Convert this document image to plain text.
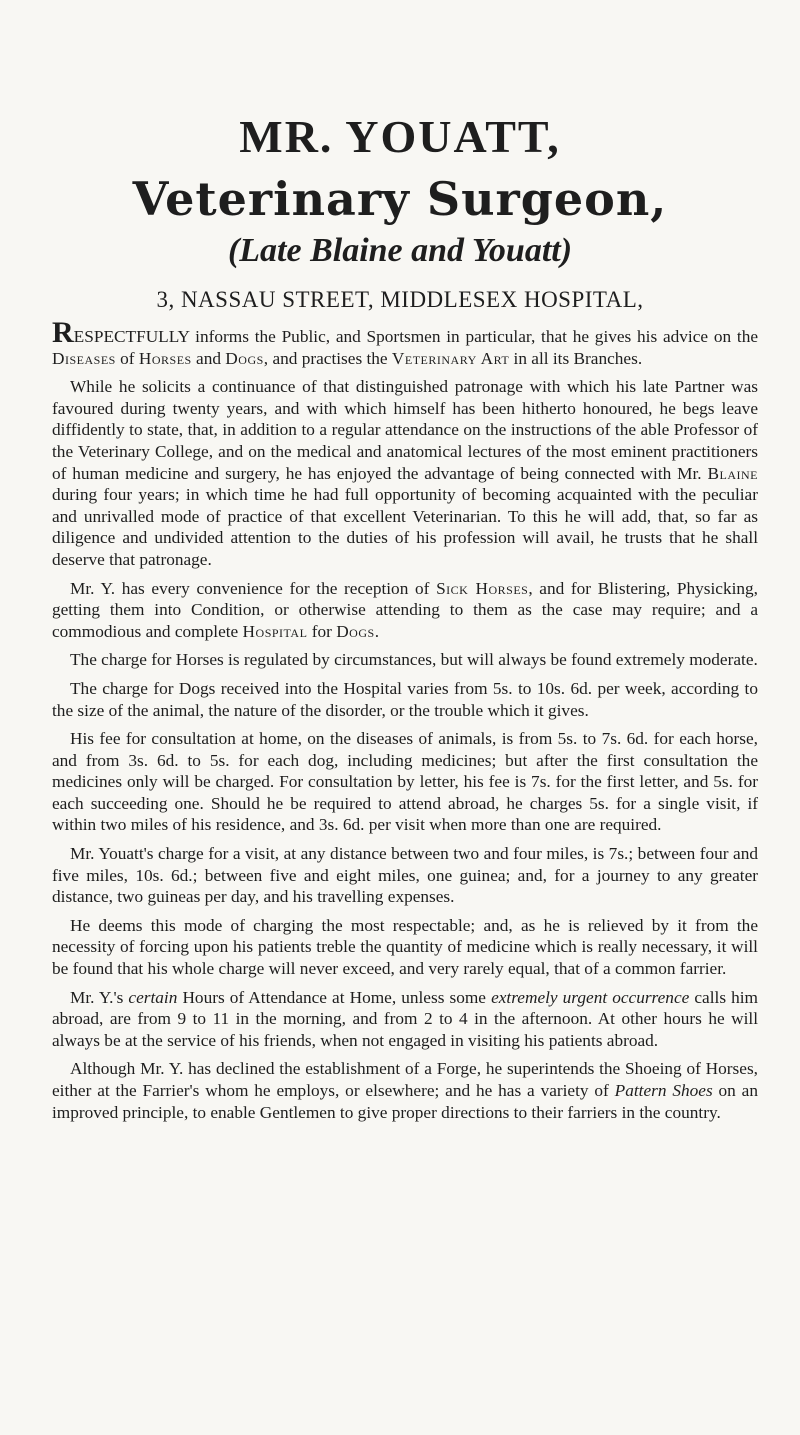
MR. YOUATT,
Veterinary Surgeon,
(Late Blaine and Youatt)
3, NASSAU STREET, MIDDLESEX HOSPITAL,

RESPECTFULLY informs the Public, and Sportsmen in particular, that he gives his advice on the Diseases of Horses and Dogs, and practises the Veterinary Art in all its Branches.

While he solicits a continuance of that distinguished patronage with which his late Partner was favoured during twenty years, and with which himself has been hitherto honoured, he begs leave diffidently to state, that, in addition to a regular attendance on the instructions of the able Professor of the Veterinary College, and on the medical and anatomical lectures of the most eminent practitioners of human medicine and surgery, he has enjoyed the advantage of being connected with Mr. Blaine during four years; in which time he had full opportunity of becoming acquainted with the peculiar and unrivalled mode of practice of that excellent Veterinarian. To this he will add, that, so far as diligence and undivided attention to the duties of his profession will avail, he trusts that he shall deserve that patronage.

Mr. Y. has every convenience for the reception of Sick Horses, and for Blistering, Physicking, getting them into Condition, or otherwise attending to them as the case may require; and a commodious and complete Hospital for Dogs.

The charge for Horses is regulated by circumstances, but will always be found extremely moderate.

The charge for Dogs received into the Hospital varies from 5s. to 10s. 6d. per week, according to the size of the animal, the nature of the disorder, or the trouble which it gives.

His fee for consultation at home, on the diseases of animals, is from 5s. to 7s. 6d. for each horse, and from 3s. 6d. to 5s. for each dog, including medicines; but after the first consultation the medicines only will be charged. For consultation by letter, his fee is 7s. for the first letter, and 5s. for each succeeding one. Should he be required to attend abroad, he charges 5s. for a single visit, if within two miles of his residence, and 3s. 6d. per visit when more than one are required.

Mr. Youatt's charge for a visit, at any distance between two and four miles, is 7s.; between four and five miles, 10s. 6d.; between five and eight miles, one guinea; and, for a journey to any greater distance, two guineas per day, and his travelling expenses.

He deems this mode of charging the most respectable; and, as he is relieved by it from the necessity of forcing upon his patients treble the quantity of medicine which is really necessary, it will be found that his whole charge will never exceed, and very rarely equal, that of a common farrier.

Mr. Y.'s certain Hours of Attendance at Home, unless some extremely urgent occurrence calls him abroad, are from 9 to 11 in the morning, and from 2 to 4 in the afternoon. At other hours he will always be at the service of his friends, when not engaged in visiting his patients abroad.

Although Mr. Y. has declined the establishment of a Forge, he superintends the Shoeing of Horses, either at the Farrier's whom he employs, or elsewhere; and he has a variety of Pattern Shoes on an improved principle, to enable Gentlemen to give proper directions to their farriers in the country.
